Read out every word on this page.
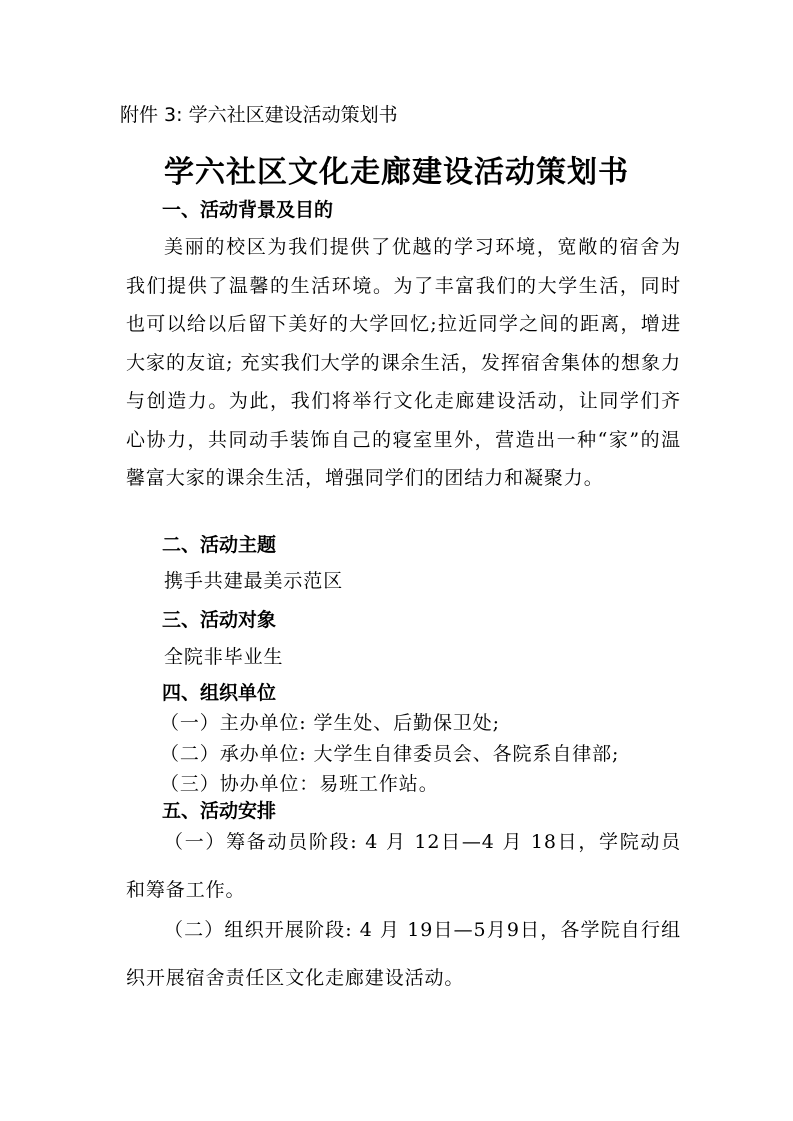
附件 3: 学六社区建设活动策划书
学六社区文化走廊建设活动策划书
一、活动背景及目的
美丽的校区为我们提供了优越的学习环境，宽敞的宿舍为我们提供了温馨的生活环境。为了丰富我们的大学生活，同时也可以给以后留下美好的大学回忆;拉近同学之间的距离，增进大家的友谊; 充实我们大学的课余生活，发挥宿舍集体的想象力与创造力。为此，我们将举行文化走廊建设活动，让同学们齐心协力，共同动手装饰自己的寝室里外，营造出一种“家”的温馨富大家的课余生活，增强同学们的团结力和凝聚力。
二、活动主题
携手共建最美示范区
三、活动对象
全院非毕业生
四、组织单位
（一）主办单位: 学生处、后勤保卫处;
（二）承办单位: 大学生自律委员会、各院系自律部;
（三）协办单位：易班工作站。
五、活动安排
（一）筹备动员阶段: 4 月 12日—4 月 18日，学院动员和筹备工作。
（二）组织开展阶段: 4 月 19日—5月9日，各学院自行组织开展宿舍责任区文化走廊建设活动。
